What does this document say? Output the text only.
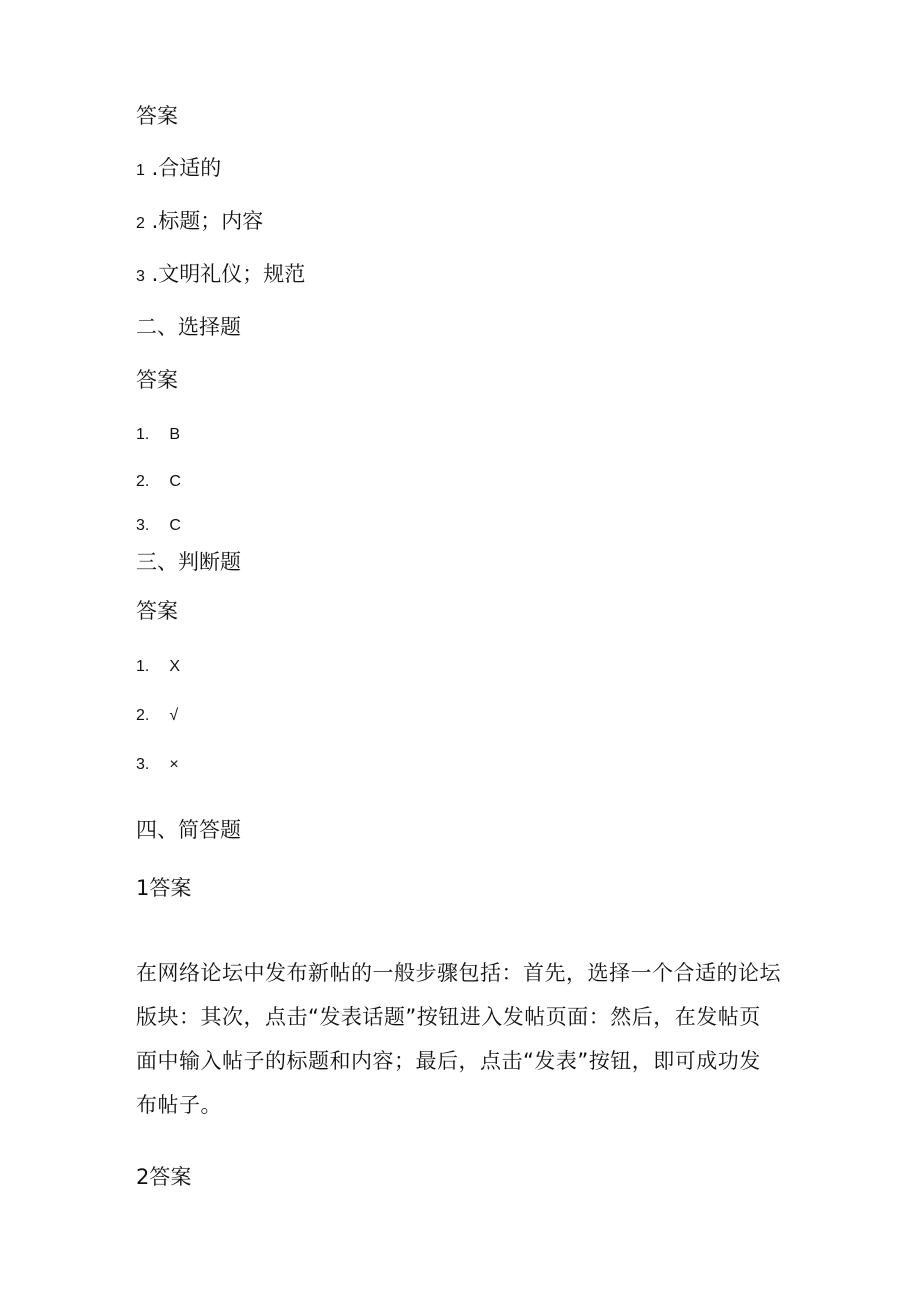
答案
1 .合适的
2 .标题；内容
3 .文明礼仪；规范
二、选择题
答案
1. B
2. C
3. C
三、判断题
答案
1. X
2. √
3. ×
四、简答题
1答案
在网络论坛中发布新帖的一般步骤包括：首先，选择一个合适的论坛
版块：其次，点击“发表话题”按钮进入发帖页面：然后，在发帖页
面中输入帖子的标题和内容；最后，点击“发表”按钮，即可成功发
布帖子。
2答案
